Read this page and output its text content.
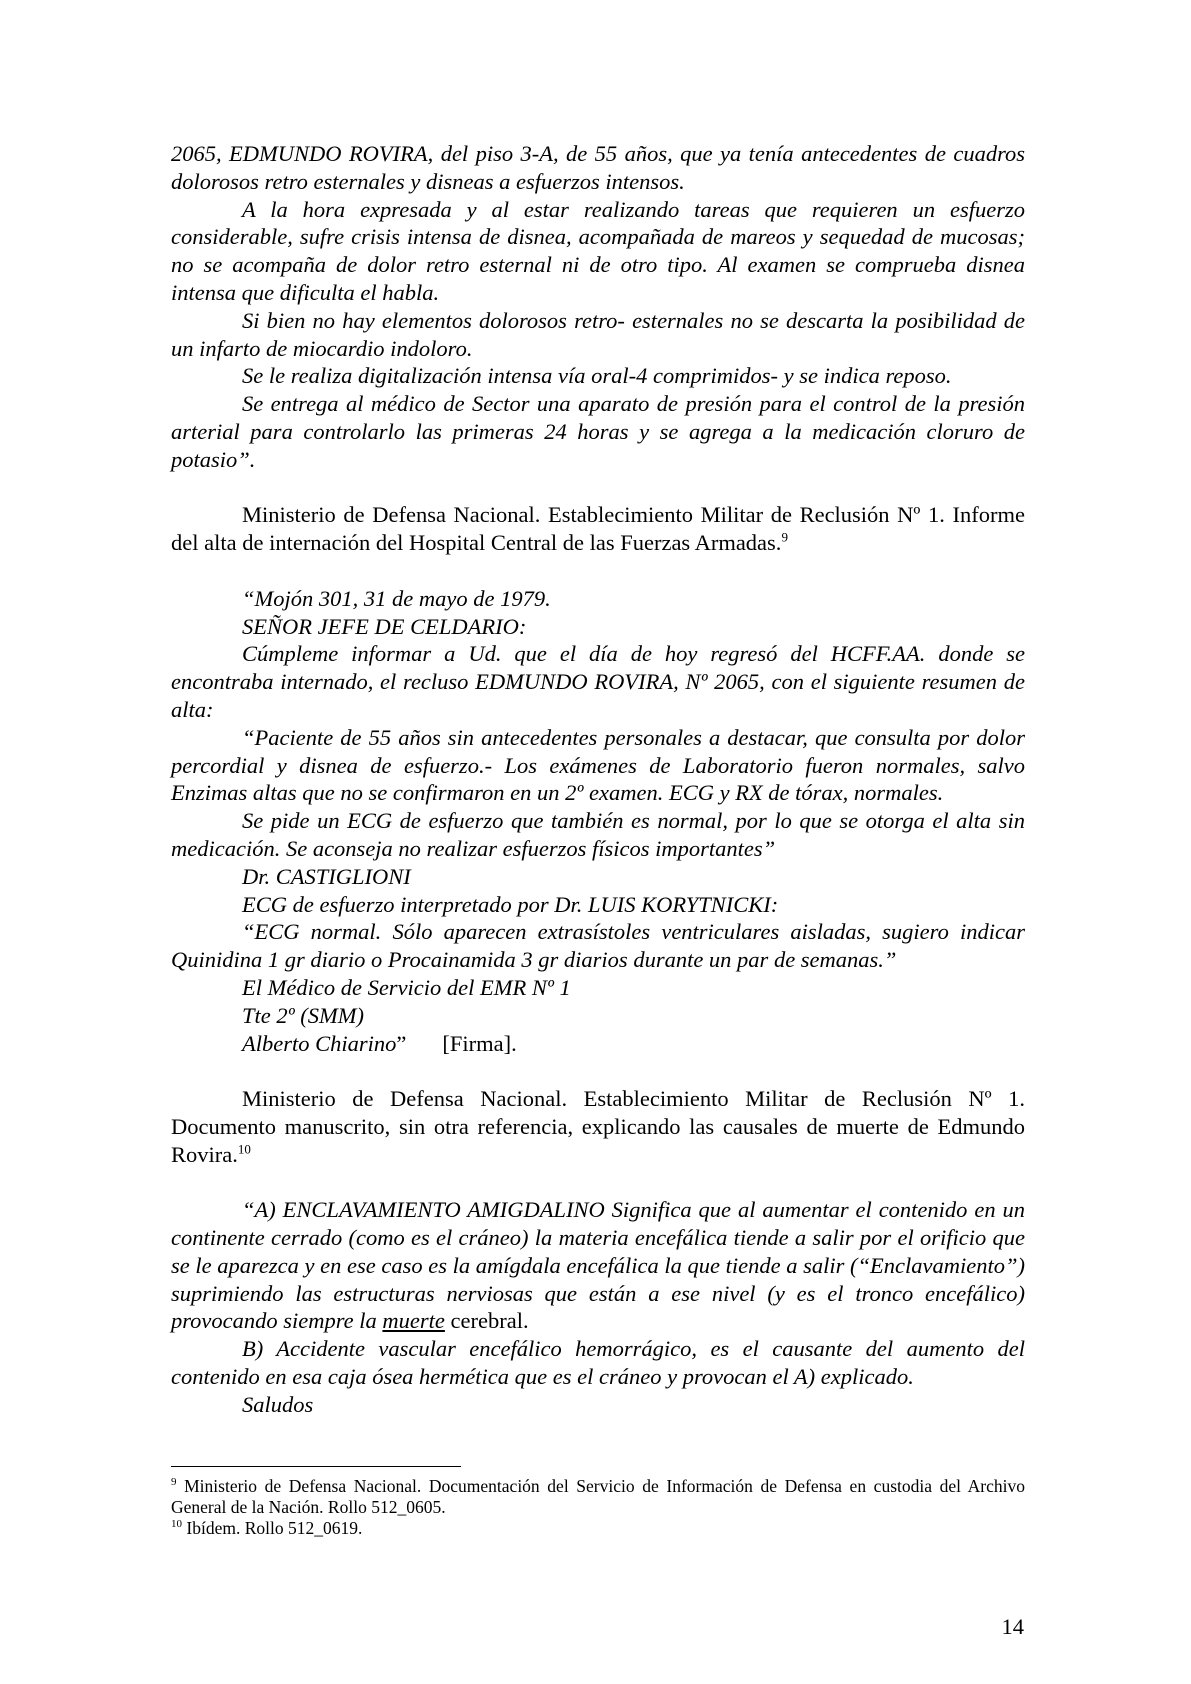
2065, EDMUNDO ROVIRA, del piso 3-A, de 55 años, que ya tenía antecedentes de cuadros dolorosos retro esternales y disneas a esfuerzos intensos.

A la hora expresada y al estar realizando tareas que requieren un esfuerzo considerable, sufre crisis intensa de disnea, acompañada de mareos y sequedad de mucosas; no se acompaña de dolor retro esternal ni de otro tipo. Al examen se comprueba disnea intensa que dificulta el habla.

Si bien no hay elementos dolorosos retro- esternales no se descarta la posibilidad de un infarto de miocardio indoloro.

Se le realiza digitalización intensa vía oral-4 comprimidos- y se indica reposo.

Se entrega al médico de Sector una aparato de presión para el control de la presión arterial para controlarlo las primeras 24 horas y se agrega a la medicación cloruro de potasio”.

Ministerio de Defensa Nacional. Establecimiento Militar de Reclusión Nº 1. Informe del alta de internación del Hospital Central de las Fuerzas Armadas.$^9$

“Mojón 301, 31 de mayo de 1979.

SEÑOR JEFE DE CELDARIO:

Cúmpleme informar a Ud. que el día de hoy regresó del HCFF.AA. donde se encontraba internado, el recluso EDMUNDO ROVIRA, Nº 2065, con el siguiente resumen de alta:

“Paciente de 55 años sin antecedentes personales a destacar, que consulta por dolor percordial y disnea de esfuerzo.- Los exámenes de Laboratorio fueron normales, salvo Enzimas altas que no se confirmaron en un 2º examen. ECG y RX de tórax, normales.

Se pide un ECG de esfuerzo que también es normal, por lo que se otorga el alta sin medicación. Se aconseja no realizar esfuerzos físicos importantes”

Dr. CASTIGLIONI

ECG de esfuerzo interpretado por Dr. LUIS KORYTNICKI:

“ECG normal. Sólo aparecen extrasístoles ventriculares aisladas, sugiero indicar Quinidina 1 gr diario o Procainamida 3 gr diarios durante un par de semanas.”

El Médico de Servicio del EMR Nº 1

Tte 2º (SMM)

Alberto Chiarino” [Firma].

Ministerio de Defensa Nacional. Establecimiento Militar de Reclusión Nº 1. Documento manuscrito, sin otra referencia, explicando las causales de muerte de Edmundo Rovira.$^{10}$

“A) ENCLAVAMIENTO AMIGDALINO Significa que al aumentar el contenido en un continente cerrado (como es el cráneo) la materia encefálica tiende a salir por el orificio que se le aparezca y en ese caso es la amígdala encefálica la que tiende a salir (“Enclavamiento”) suprimiendo las estructuras nerviosas que están a ese nivel (y es el tronco encefálico) provocando siempre la muerte cerebral.

B) Accidente vascular encefálico hemorrágico, es el causante del aumento del contenido en esa caja ósea hermética que es el cráneo y provocan el A) explicado.

Saludos

$^9$ Ministerio de Defensa Nacional. Documentación del Servicio de Información de Defensa en custodia del Archivo General de la Nación. Rollo 512_0605.

$^{10}$ Ibídem. Rollo 512_0619.

14
